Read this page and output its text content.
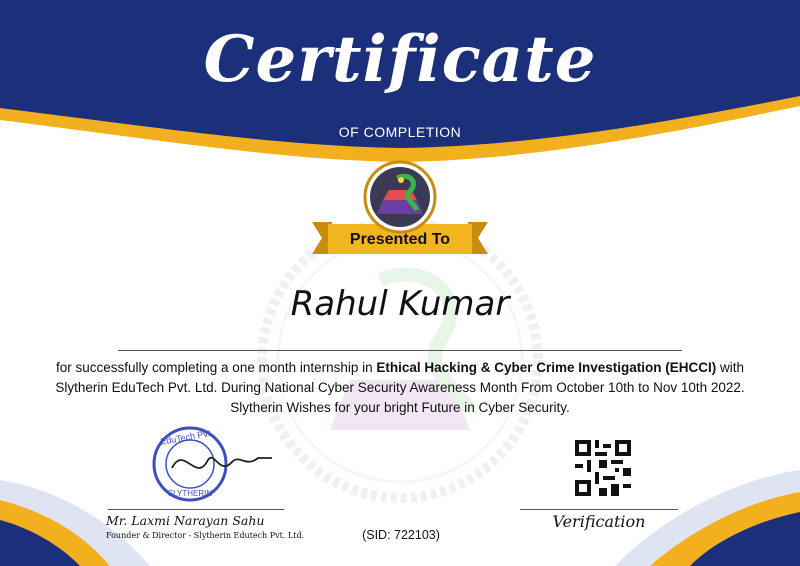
EduTech Pvt
SLYTHERIN
Certificate
OF COMPLETION
Presented To
Rahul Kumar
for successfully completing a one month internship in Ethical Hacking & Cyber Crime Investigation (EHCCI) with Slytherin EduTech Pvt. Ltd. During National Cyber Security Awareness Month From October 10th to Nov 10th 2022. Slytherin Wishes for your bright Future in Cyber Security.
Mr. Laxmi Narayan Sahu
Founder & Director - Slytherin Edutech Pvt. Ltd.	(SID: 722103)
Verification
